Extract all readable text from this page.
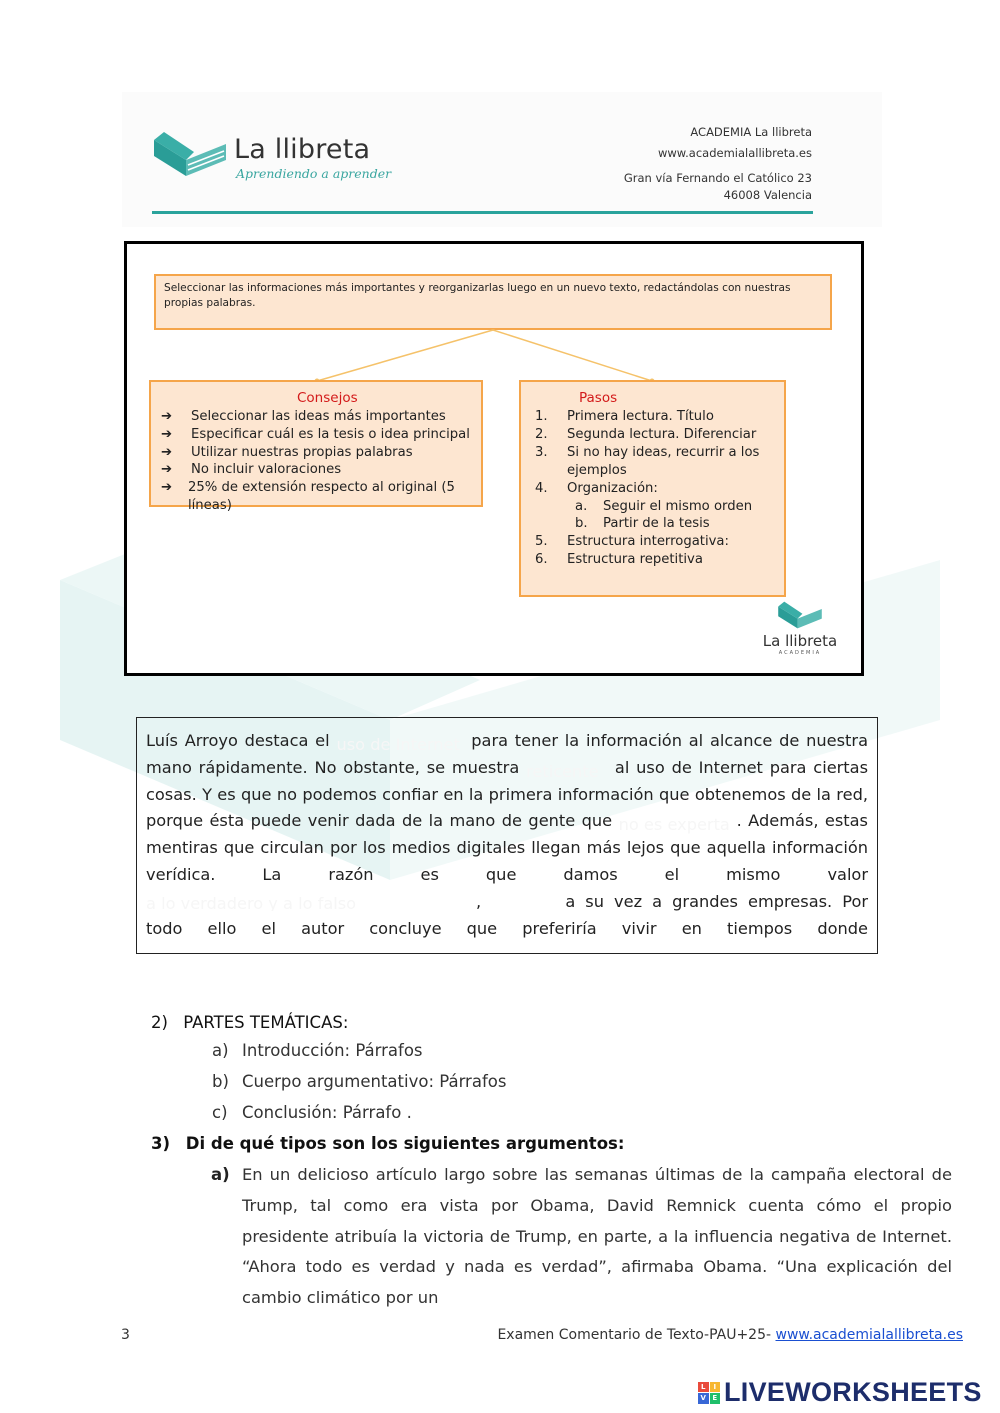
La llibreta
Aprendiendo a aprender
ACADEMIA La llibreta
www.academialallibreta.es
Gran vía Fernando el Católico 23
46008 Valencia
Seleccionar las informaciones más importantes y reorganizarlas luego en un nuevo texto, redactándolas con nuestras propias palabras.
Consejos
➔	Seleccionar las ideas más importantes
➔	Especificar cuál es la tesis o idea principal
➔	Utilizar nuestras propias palabras
➔	No incluir valoraciones
➔	25% de extensión respecto al original (5 líneas)
Pasos
1.	Primera lectura. Título
2.	Segunda lectura. Diferenciar
3.	Si no hay ideas, recurrir a los
ejemplos
4.	Organización:
a.	Seguir el mismo orden
b.	Partir de la tesis
5.	Estructura interrogativa:
6.	Estructura repetitiva
La llibreta
ACADEMIA
Luís Arroyo destaca el uso de Internet para tener la información al alcance de nuestra mano rápidamente. No obstante, se muestra reticente al uso de Internet para ciertas cosas. Y es que no podemos confiar en la primera información que obtenemos de la red, porque ésta puede venir dada de la mano de gente que no es experta . Además, estas mentiras que circulan por los medios digitales llegan más lejos que aquella información verídica. La razón es que damos el mismo valor a lo verdadero y a lo falso	,	a su vez a grandes empresas. Por todo ello el autor concluye que preferiría vivir en tiempos donde
2) PARTES TEMÁTICAS:
a) Introducción: Párrafos
b) Cuerpo argumentativo: Párrafos
c) Conclusión: Párrafo .
3) Di de qué tipos son los siguientes argumentos:
a) En un delicioso artículo largo sobre las semanas últimas de la campaña electoral de Trump, tal como era vista por Obama, David Remnick cuenta cómo el propio presidente atribuía la victoria de Trump, en parte, a la influencia negativa de Internet. “Ahora todo es verdad y nada es verdad”, afirmaba Obama. “Una explicación del cambio climático por un
3	Examen Comentario de Texto-PAU+25- www.academialallibreta.es
L	I
V E LIVEWORKSHEETS
